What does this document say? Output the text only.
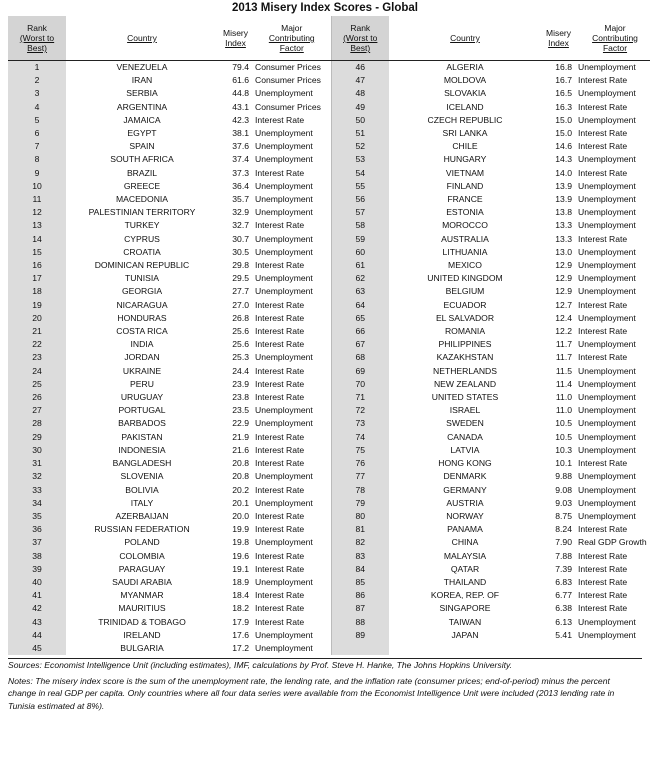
2013 Misery Index Scores - Global
Rank
(Worst to
Best)	Country	Misery
Index	Major
Contributing
Factor	Rank
(Worst to
Best)	Country	Misery
Index	Major
Contributing
Factor
1	VENEZUELA	79.4	Consumer Prices	46	ALGERIA	16.8	Unemployment
2	IRAN	61.6	Consumer Prices	47	MOLDOVA	16.7	Interest Rate
3	SERBIA	44.8	Unemployment	48	SLOVAKIA	16.5	Unemployment
4	ARGENTINA	43.1	Consumer Prices	49	ICELAND	16.3	Interest Rate
5	JAMAICA	42.3	Interest Rate	50	CZECH REPUBLIC	15.0	Unemployment
6	EGYPT	38.1	Unemployment	51	SRI LANKA	15.0	Interest Rate
7	SPAIN	37.6	Unemployment	52	CHILE	14.6	Interest Rate
8	SOUTH AFRICA	37.4	Unemployment	53	HUNGARY	14.3	Unemployment
9	BRAZIL	37.3	Interest Rate	54	VIETNAM	14.0	Interest Rate
10	GREECE	36.4	Unemployment	55	FINLAND	13.9	Unemployment
11	MACEDONIA	35.7	Unemployment	56	FRANCE	13.9	Unemployment
12	PALESTINIAN TERRITORY	32.9	Unemployment	57	ESTONIA	13.8	Unemployment
13	TURKEY	32.7	Interest Rate	58	MOROCCO	13.3	Unemployment
14	CYPRUS	30.7	Unemployment	59	AUSTRALIA	13.3	Interest Rate
15	CROATIA	30.5	Unemployment	60	LITHUANIA	13.0	Unemployment
16	DOMINICAN REPUBLIC	29.8	Interest Rate	61	MEXICO	12.9	Unemployment
17	TUNISIA	29.5	Unemployment	62	UNITED KINGDOM	12.9	Unemployment
18	GEORGIA	27.7	Unemployment	63	BELGIUM	12.9	Unemployment
19	NICARAGUA	27.0	Interest Rate	64	ECUADOR	12.7	Interest Rate
20	HONDURAS	26.8	Interest Rate	65	EL SALVADOR	12.4	Unemployment
21	COSTA RICA	25.6	Interest Rate	66	ROMANIA	12.2	Interest Rate
22	INDIA	25.6	Interest Rate	67	PHILIPPINES	11.7	Unemployment
23	JORDAN	25.3	Unemployment	68	KAZAKHSTAN	11.7	Interest Rate
24	UKRAINE	24.4	Interest Rate	69	NETHERLANDS	11.5	Unemployment
25	PERU	23.9	Interest Rate	70	NEW ZEALAND	11.4	Unemployment
26	URUGUAY	23.8	Interest Rate	71	UNITED STATES	11.0	Unemployment
27	PORTUGAL	23.5	Unemployment	72	ISRAEL	11.0	Unemployment
28	BARBADOS	22.9	Unemployment	73	SWEDEN	10.5	Unemployment
29	PAKISTAN	21.9	Interest Rate	74	CANADA	10.5	Unemployment
30	INDONESIA	21.6	Interest Rate	75	LATVIA	10.3	Unemployment
31	BANGLADESH	20.8	Interest Rate	76	HONG KONG	10.1	Interest Rate
32	SLOVENIA	20.8	Unemployment	77	DENMARK	9.88	Unemployment
33	BOLIVIA	20.2	Interest Rate	78	GERMANY	9.08	Unemployment
34	ITALY	20.1	Unemployment	79	AUSTRIA	9.03	Unemployment
35	AZERBAIJAN	20.0	Interest Rate	80	NORWAY	8.75	Unemployment
36	RUSSIAN FEDERATION	19.9	Interest Rate	81	PANAMA	8.24	Interest Rate
37	POLAND	19.8	Unemployment	82	CHINA	7.90	Real GDP Growth
38	COLOMBIA	19.6	Interest Rate	83	MALAYSIA	7.88	Interest Rate
39	PARAGUAY	19.1	Interest Rate	84	QATAR	7.39	Interest Rate
40	SAUDI ARABIA	18.9	Unemployment	85	THAILAND	6.83	Interest Rate
41	MYANMAR	18.4	Interest Rate	86	KOREA, REP. OF	6.77	Interest Rate
42	MAURITIUS	18.2	Interest Rate	87	SINGAPORE	6.38	Interest Rate
43	TRINIDAD & TOBAGO	17.9	Interest Rate	88	TAIWAN	6.13	Unemployment
44	IRELAND	17.6	Unemployment	89	JAPAN	5.41	Unemployment
45	BULGARIA	17.2	Unemployment				

Sources: Economist Intelligence Unit (including estimates), IMF, calculations by Prof. Steve H. Hanke, The Johns Hopkins University.

Notes: The misery index score is the sum of the unemployment rate, the lending rate, and the inflation rate (consumer prices; end-of-period) minus the percent change in real GDP per capita. Only countries where all four data series were available from the Economist Intelligence Unit were included (2013 lending rate in Tunisia estimated at 8%).
